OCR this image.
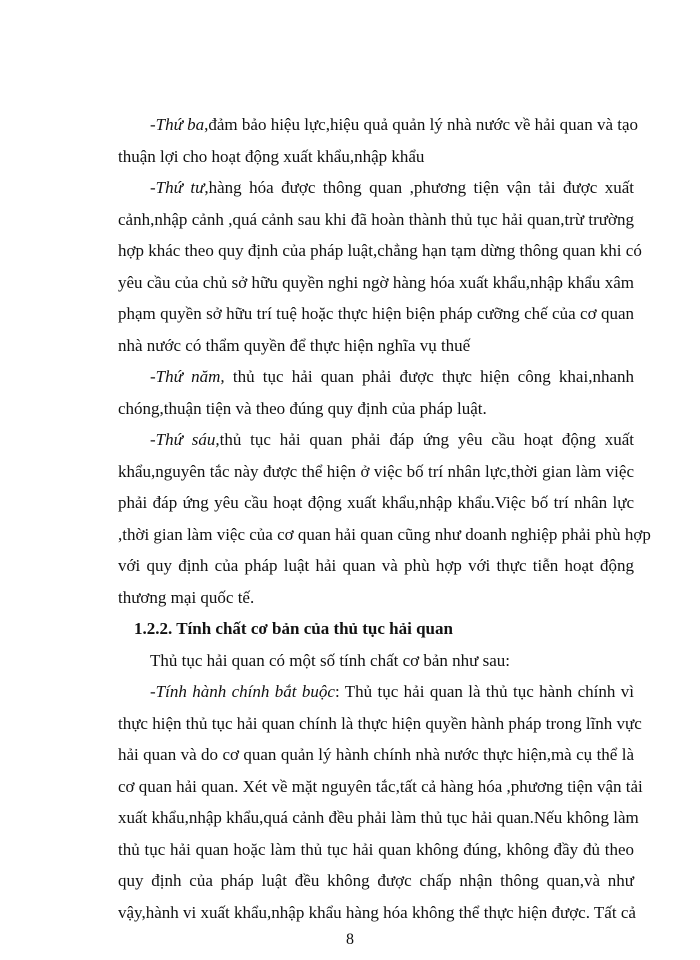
-Thứ ba,đảm bảo hiệu lực,hiệu quả quản lý nhà nước về hải quan và tạo

thuận lợi cho hoạt động xuất khẩu,nhập khẩu

-Thứ tư,hàng hóa được thông quan ,phương tiện vận tải được xuất

cảnh,nhập cảnh ,quá cảnh sau khi đã hoàn thành thủ tục hải quan,trừ trường

hợp khác theo quy định của pháp luật,chẳng hạn tạm dừng thông quan khi có

yêu cầu của chủ sở hữu quyền nghi ngờ hàng hóa xuất khẩu,nhập khẩu xâm

phạm quyền sở hữu trí tuệ hoặc thực hiện biện pháp cưỡng chế của cơ quan

nhà nước có thẩm quyền để thực hiện nghĩa vụ thuế

-Thứ năm, thủ tục hải quan phải được thực hiện công khai,nhanh

chóng,thuận tiện và theo đúng quy định của pháp luật.

-Thứ sáu,thủ tục hải quan phải đáp ứng yêu cầu hoạt động xuất

khẩu,nguyên tắc này được thể hiện ở việc bố trí nhân lực,thời gian làm việc

phải đáp ứng yêu cầu hoạt động xuất khẩu,nhập khẩu.Việc bố trí nhân lực

,thời gian làm việc của cơ quan hải quan cũng như doanh nghiệp phải phù hợp

với quy định của pháp luật hải quan và phù hợp với thực tiễn hoạt động

thương mại quốc tế.

1.2.2. Tính chất cơ bản của thủ tục hải quan

Thủ tục hải quan có một số tính chất cơ bản như sau:

-Tính hành chính bắt buộc: Thủ tục hải quan là thủ tục hành chính vì

thực hiện thủ tục hải quan chính là thực hiện quyền hành pháp trong lĩnh vực

hải quan và do cơ quan quản lý hành chính nhà nước thực hiện,mà cụ thể là

cơ quan hải quan. Xét về mặt nguyên tắc,tất cả hàng hóa ,phương tiện vận tải

xuất khẩu,nhập khẩu,quá cảnh đều phải làm thủ tục hải quan.Nếu không làm

thủ tục hải quan hoặc làm thủ tục hải quan không đúng, không đầy đủ theo

quy định của pháp luật đều không được chấp nhận thông quan,và như

vậy,hành vi xuất khẩu,nhập khẩu hàng hóa không thể thực hiện được. Tất cả

8
